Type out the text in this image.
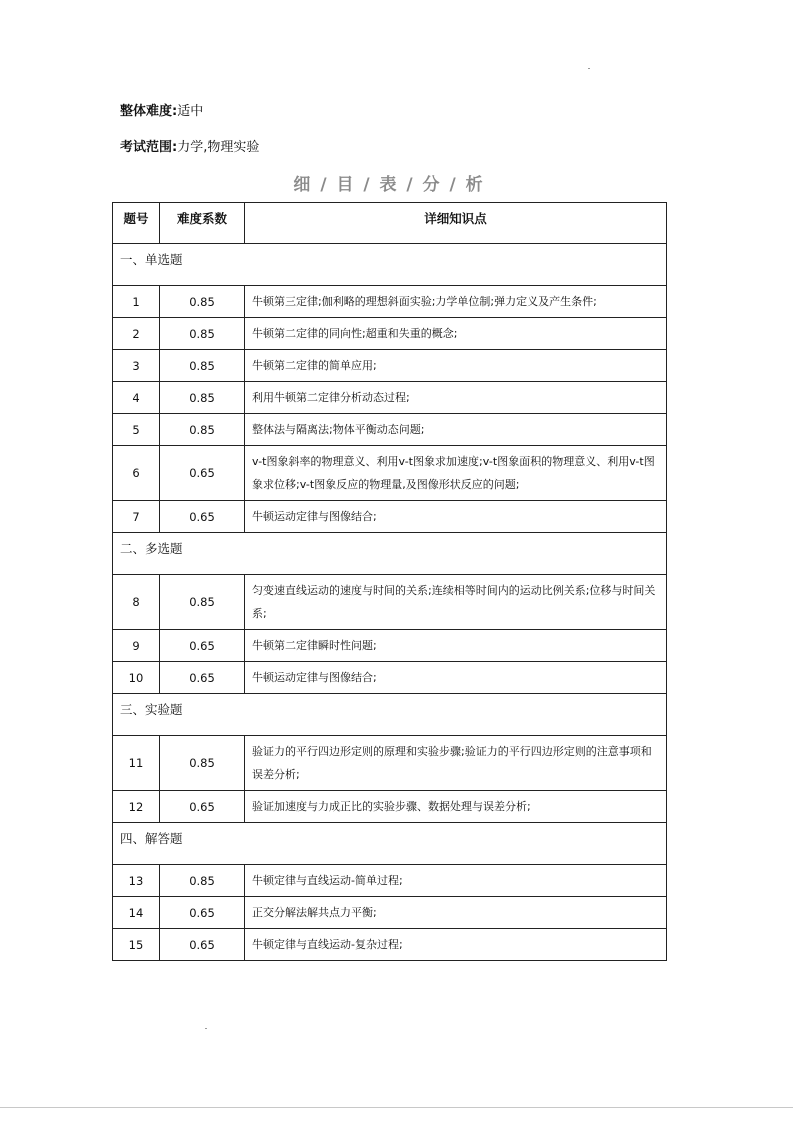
整体难度:适中
考试范围:力学,物理实验
细 / 目 / 表 / 分 / 析
题号	难度系数	详细知识点
一、单选题		
1	0.85	牛顿第三定律;伽利略的理想斜面实验;力学单位制;弹力定义及产生条件;
2	0.85	牛顿第二定律的同向性;超重和失重的概念;
3	0.85	牛顿第二定律的简单应用;
4	0.85	利用牛顿第二定律分析动态过程;
5	0.85	整体法与隔离法;物体平衡动态问题;
6	0.65	v-t图象斜率的物理意义、利用v-t图象求加速度;v-t图象面积的物理意义、利用v-t图象求位移;v-t图象反应的物理量,及图像形状反应的问题;
7	0.65	牛顿运动定律与图像结合;
二、多选题		
8	0.85	匀变速直线运动的速度与时间的关系;连续相等时间内的运动比例关系;位移与时间关系;
9	0.65	牛顿第二定律瞬时性问题;
10	0.65	牛顿运动定律与图像结合;
三、实验题		
11	0.85	验证力的平行四边形定则的原理和实验步骤;验证力的平行四边形定则的注意事项和误差分析;
12	0.65	验证加速度与力成正比的实验步骤、数据处理与误差分析;
四、解答题		
13	0.85	牛顿定律与直线运动-简单过程;
14	0.65	正交分解法解共点力平衡;
15	0.65	牛顿定律与直线运动-复杂过程;
